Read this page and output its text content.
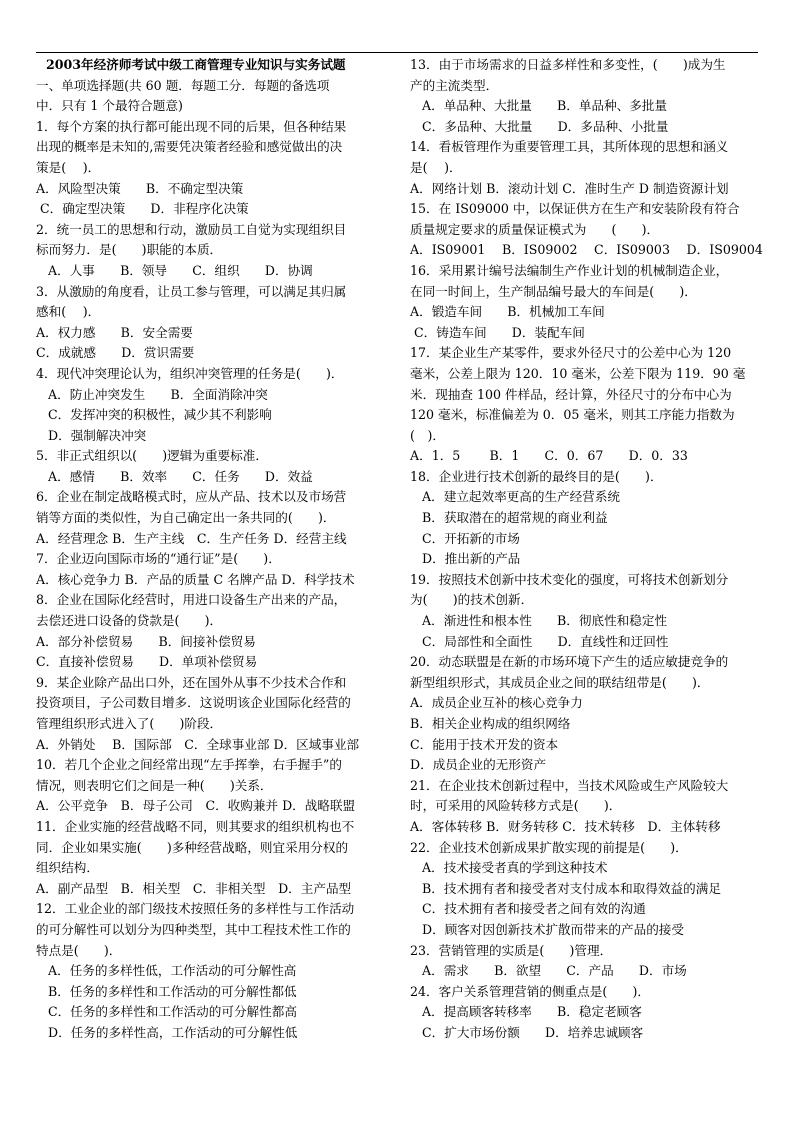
2003年经济师考试中级工商管理专业知识与实务试题
一、单项选择题(共 60 题．每题工分．每题的备选项
中．只有 1 个最符合题意)
1．每个方案的执行都可能出现不同的后果，但各种结果
出现的概率是未知的,需要凭决策者经验和感觉做出的决
策是(　 )．
A．风险型决策　　B．不确定型决策
C．确定型决策　　D．非程序化决策
2．统一员工的思想和行动，激励员工自觉为实现组织目
标而努力．是(　　)职能的本质．
A．人事　　B．领导　　C．组织　　D．协调
3．从激励的角度看，让员工参与管理，可以满足其归属
感和(　 )．
A．权力感　　B．安全需要
C．成就感　　D．赏识需要
4．现代冲突理论认为，组织冲突管理的任务是(　　)．
A．防止冲突发生　　B．全面消除冲突
C．发挥冲突的积极性，减少其不利影响
D．强制解决冲突
5．非正式组织以(　　)逻辑为重要标准．
A．感情　　B．效率　　C．任务　　D．效益
6．企业在制定战略模式时，应从产品、技术以及市场营
销等方面的类似性，为自己确定出一条共同的(　　)．
A．经营理念 B．生产主线　C．生产任务 D．经营主线
7．企业迈向国际市场的“通行证”是(　　)．
A．核心竞争力 B．产品的质量 C 名牌产品 D．科学技术
8．企业在国际化经营时，用进口设备生产出来的产品，
去偿还进口设备的贷款是(　　)．
A．部分补偿贸易　　B．间接补偿贸易
C．直接补偿贸易　　D．单项补偿贸易
9．某企业除产品出口外，还在国外从事不少技术合作和
投资项目，子公司数目增多．这说明该企业国际化经营的
管理组织形式进入了(　　)阶段．
A．外销处　 B．国际部　C．全球事业部 D．区域事业部
10．若几个企业之间经常出现“左手挥拳，右手握手”的
情况，则表明它们之间是一种(　　)关系．
A．公平竞争　B．母子公司　C．收购兼并 D．战略联盟
11．企业实施的经营战略不同，则其要求的组织机构也不
同．企业如果实施(　　)多种经营战略，则宜采用分权的
组织结构．
A．副产品型　B．相关型　C．非相关型　D．主产品型
12．工业企业的部门级技术按照任务的多样性与工作活动
的可分解性可以划分为四种类型，其中工程技术性工作的
特点是(　　)．
A．任务的多样性低，工作活动的可分解性高
B．任务的多样性和工作活动的可分解性都低
C．任务的多样性和工作活动的可分解性都高
D．任务的多样性高，工作活动的可分解性低
13．由于市场需求的日益多样性和多变性，(　　)成为生
产的主流类型．
A．单品种、大批量　　B．单品种、多批量
C．多品种、大批量　　D．多品种、小批量
14．看板管理作为重要管理工具，其所体现的思想和涵义
是(　 )．
A．网络计划 B．滚动计划 C．准时生产 D 制造资源计划
15．在 IS09000 中，以保证供方在生产和安装阶段有符合
质量规定要求的质量保证模式为　　(　　)．
A．IS09001　 B．IS09002　 C．IS09003　 D．IS09004
16．采用累计编号法编制生产作业计划的机械制造企业，
在同一时间上，生产制品编号最大的车间是(　　)．
A．锻造车间　　B．机械加工车间
C．铸造车间　　D．装配车间
17．某企业生产某零件，要求外径尺寸的公差中心为 120
毫米，公差上限为 120．10 毫米，公差下限为 119．90 毫
米．现抽查 100 件样品，经计算，外径尺寸的分布中心为
120 毫米，标准偏差为 0．05 毫米，则其工序能力指数为
(　)．
A．1．5　　 B．1　　C．0．67　　D．0．33
18．企业进行技术创新的最终目的是(　　)．
A．建立起效率更高的生产经营系统
B．获取潜在的超常规的商业利益
C．开拓新的市场
D．推出新的产品
19．按照技术创新中技术变化的强度，可将技术创新划分
为(　　)的技术创新．
A．渐进性和根本性　　B．彻底性和稳定性
C．局部性和全面性　　D．直线性和迂回性
20．动态联盟是在新的市场环境下产生的适应敏捷竞争的
新型组织形式，其成员企业之间的联结纽带是(　　)．
A．成员企业互补的核心竞争力
B．相关企业构成的组织网络
C．能用于技术开发的资本
D．成员企业的无形资产
21．在企业技术创新过程中，当技术风险或生产风险较大
时，可采用的风险转移方式是(　　)．
A．客体转移 B．财务转移 C．技术转移　D．主体转移
22．企业技术创新成果扩散实现的前提是(　　)．
A．技术接受者真的学到这种技术
B．技术拥有者和接受者对支付成本和取得效益的满足
C．技术拥有者和接受者之间有效的沟通
D．顾客对因创新技术扩散而带来的产品的接受
23．营销管理的实质是(　　)管理．
A．需求　　B．欲望　　C．产品　　D．市场
24．客户关系管理营销的侧重点是(　　)．
A．提高顾客转移率　　B．稳定老顾客
C．扩大市场份额　　D．培养忠诚顾客
